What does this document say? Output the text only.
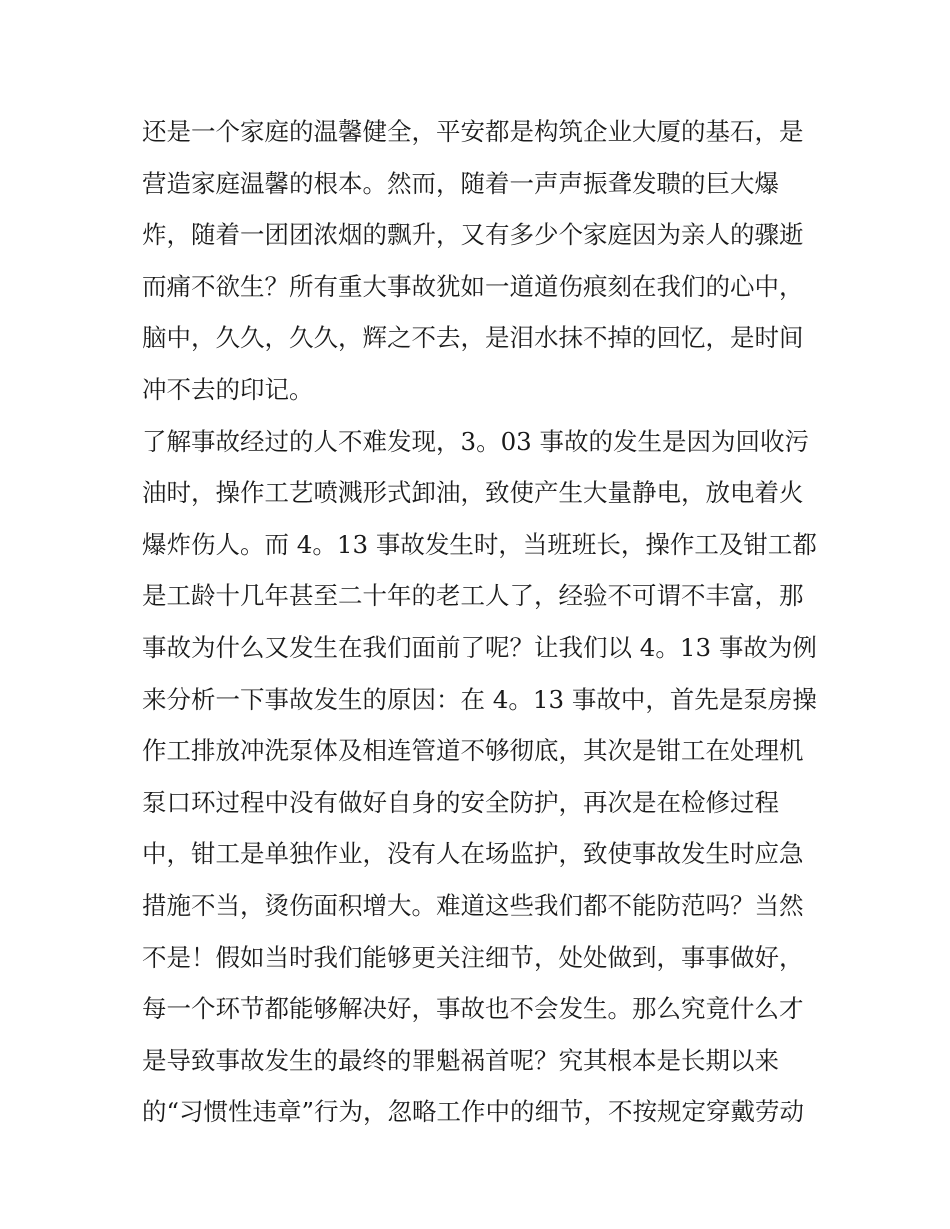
还是一个家庭的温馨健全，平安都是构筑企业大厦的基石，是
营造家庭温馨的根本。然而，随着一声声振聋发聩的巨大爆
炸，随着一团团浓烟的飘升，又有多少个家庭因为亲人的骤逝
而痛不欲生？所有重大事故犹如一道道伤痕刻在我们的心中，
脑中，久久，久久，辉之不去，是泪水抹不掉的回忆，是时间
冲不去的印记。
了解事故经过的人不难发现，3。03 事故的发生是因为回收污
油时，操作工艺喷溅形式卸油，致使产生大量静电，放电着火
爆炸伤人。而 4。13 事故发生时，当班班长，操作工及钳工都
是工龄十几年甚至二十年的老工人了，经验不可谓不丰富，那
事故为什么又发生在我们面前了呢？让我们以 4。13 事故为例
来分析一下事故发生的原因：在 4。13 事故中，首先是泵房操
作工排放冲洗泵体及相连管道不够彻底，其次是钳工在处理机
泵口环过程中没有做好自身的安全防护，再次是在检修过程
中，钳工是单独作业，没有人在场监护，致使事故发生时应急
措施不当，烫伤面积增大。难道这些我们都不能防范吗？当然
不是！假如当时我们能够更关注细节，处处做到，事事做好，
每一个环节都能够解决好，事故也不会发生。那么究竟什么才
是导致事故发生的最终的罪魁祸首呢？究其根本是长期以来
的“习惯性违章”行为，忽略工作中的细节，不按规定穿戴劳动
